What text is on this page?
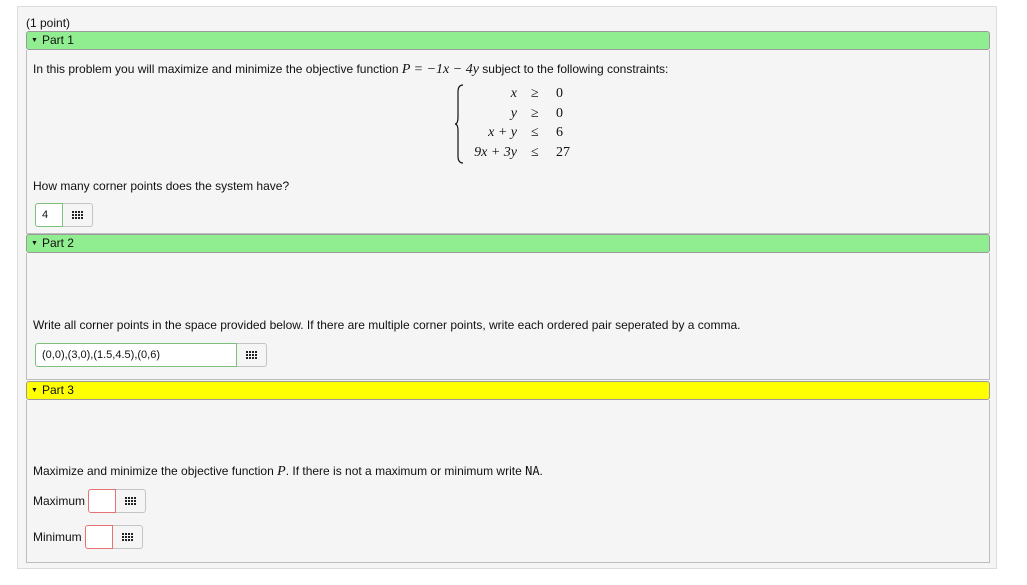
(1 point)
▼ Part 1
In this problem you will maximize and minimize the objective function P = −1x − 4y subject to the following constraints:
x ≥ 0
y ≥ 0
x + y ≤ 6
9x + 3y ≤ 27
How many corner points does the system have?
4
▼ Part 2
Write all corner points in the space provided below. If there are multiple corner points, write each ordered pair seperated by a comma.
(0,0),(3,0),(1.5,4.5),(0,6)
▼ Part 3
Maximize and minimize the objective function P. If there is not a maximum or minimum write NA.
Maximum
Minimum
